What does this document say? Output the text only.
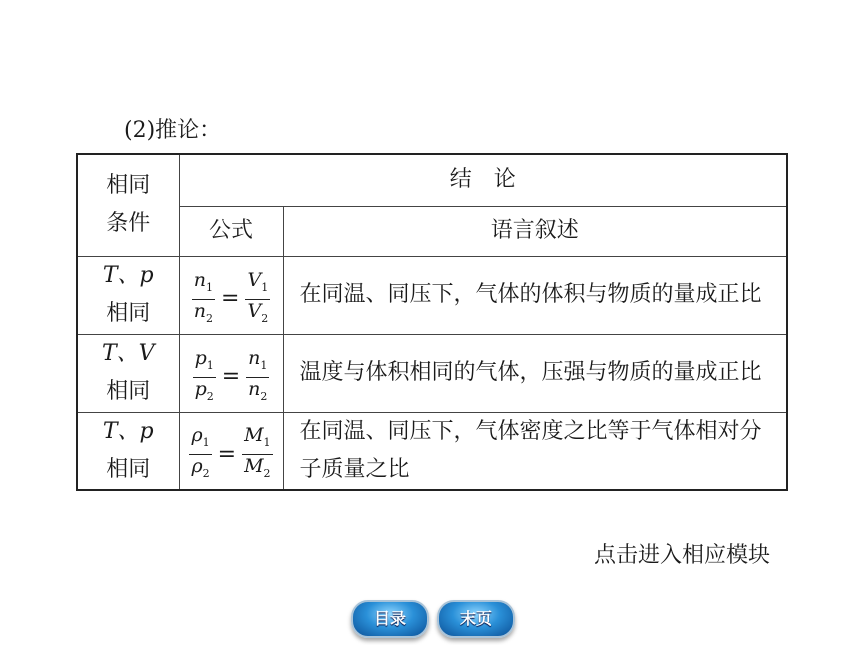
(2)推论：
相同
条件	结　论	
	公式	语言叙述

T、p
相同	$\frac{n_1}{n_2} = \frac{V_1}{V_2}$	在同温、同压下，气体的体积与物质的量成正比

T、V
相同	$\frac{p_1}{p_2} = \frac{n_1}{n_2}$	温度与体积相同的气体，压强与物质的量成正比

T、p
相同	$\frac{\rho_1}{\rho_2} = \frac{M_1}{M_2}$	在同温、同压下，气体密度之比等于气体相对分子质量之比
点击进入相应模块
目录	末页
